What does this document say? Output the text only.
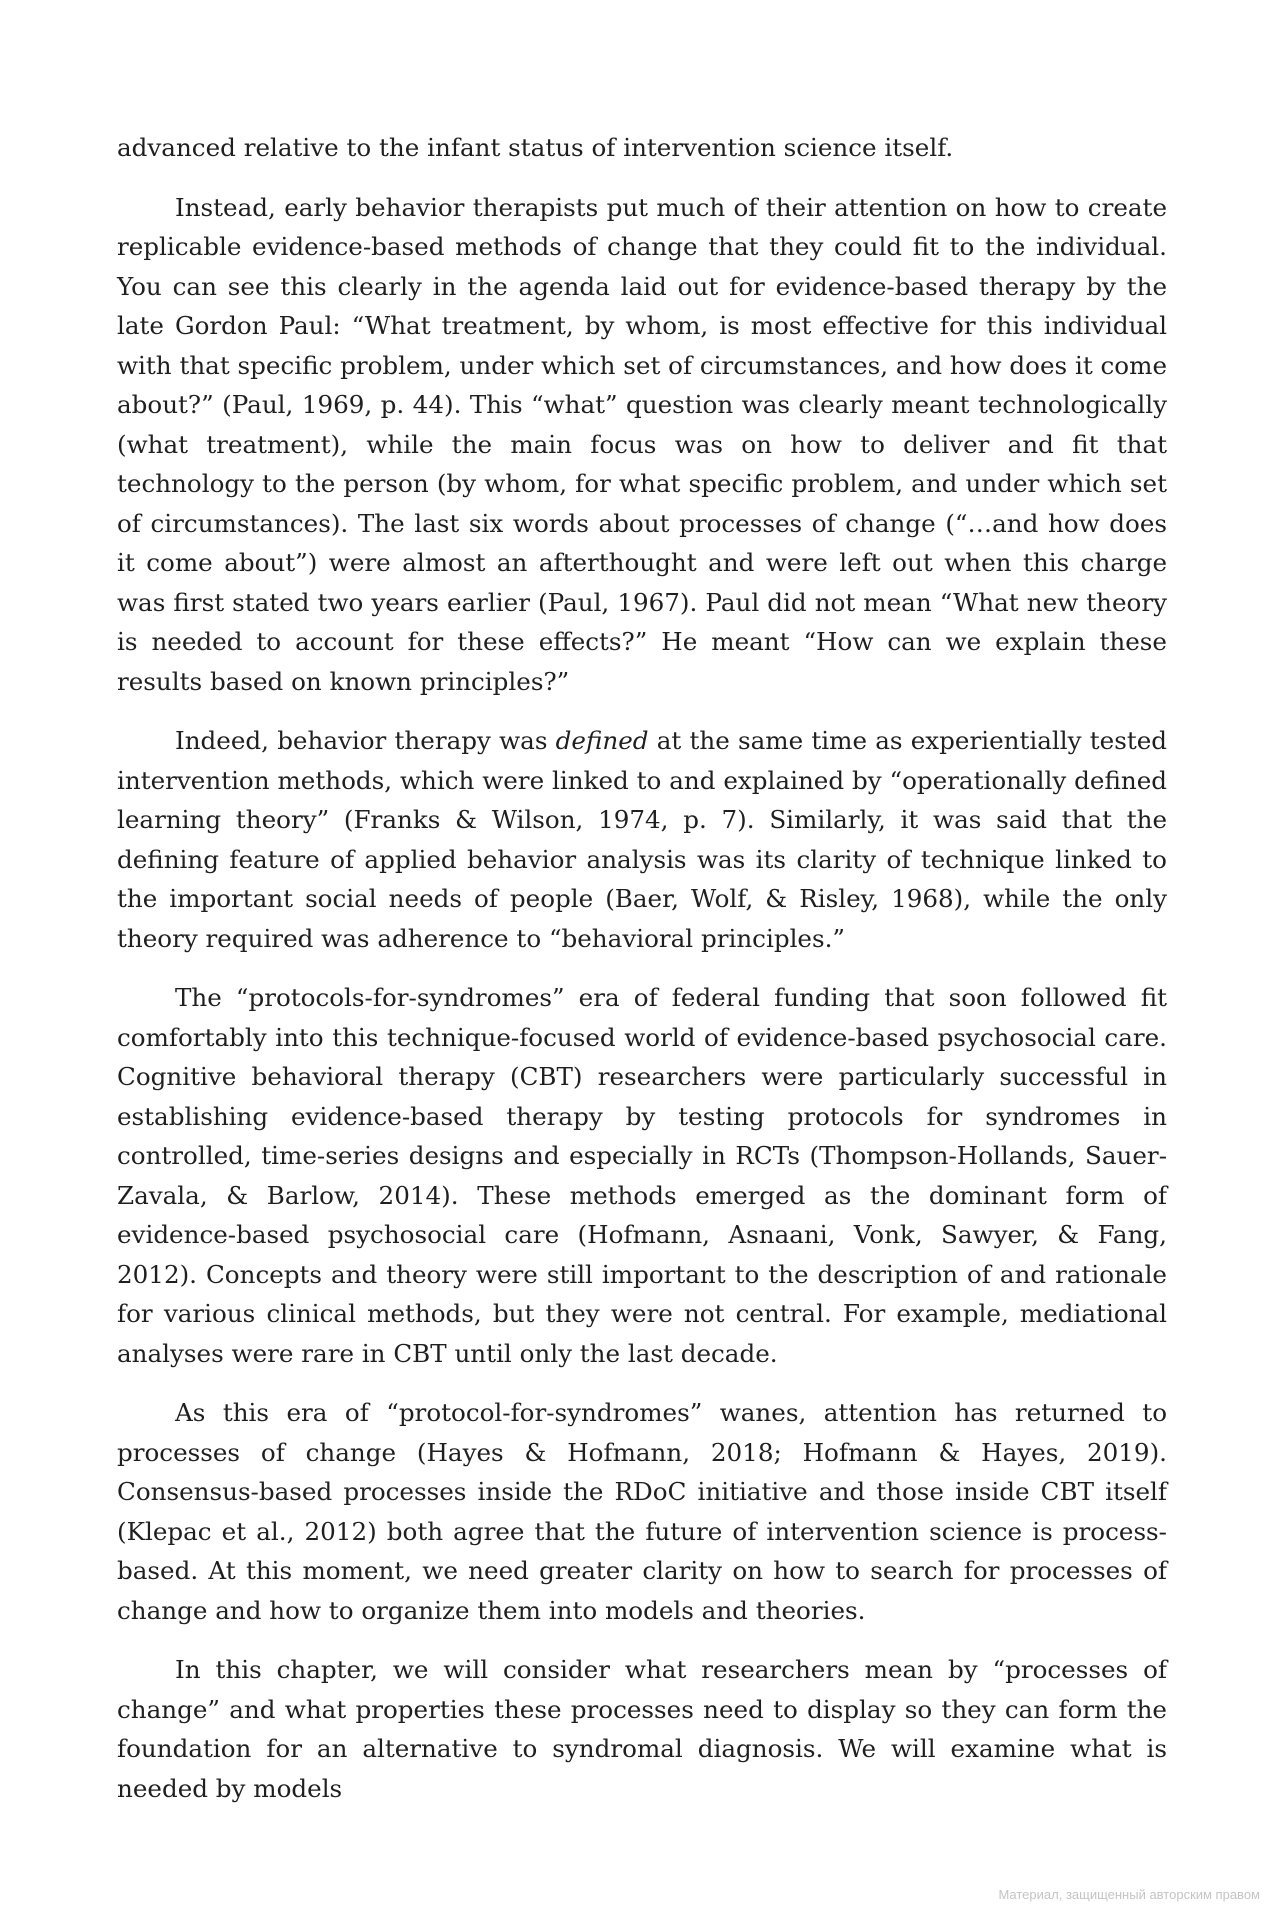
advanced relative to the infant status of intervention science itself.

Instead, early behavior therapists put much of their attention on how to create replicable evidence-based methods of change that they could fit to the individual. You can see this clearly in the agenda laid out for evidence-based therapy by the late Gordon Paul: “What treatment, by whom, is most effective for this individual with that specific problem, under which set of circumstances, and how does it come about?” (Paul, 1969, p. 44). This “what” question was clearly meant technologically (what treatment), while the main focus was on how to deliver and fit that technology to the person (by whom, for what specific problem, and under which set of circumstances). The last six words about processes of change (“…and how does it come about”) were almost an afterthought and were left out when this charge was first stated two years earlier (Paul, 1967). Paul did not mean “What new theory is needed to account for these effects?” He meant “How can we explain these results based on known principles?”

Indeed, behavior therapy was defined at the same time as experientially tested intervention methods, which were linked to and explained by “operationally defined learning theory” (Franks & Wilson, 1974, p. 7). Similarly, it was said that the defining feature of applied behavior analysis was its clarity of technique linked to the important social needs of people (Baer, Wolf, & Risley, 1968), while the only theory required was adherence to “behavioral principles.”

The “protocols-for-syndromes” era of federal funding that soon followed fit comfortably into this technique-focused world of evidence-based psychosocial care. Cognitive behavioral therapy (CBT) researchers were particularly successful in establishing evidence-based therapy by testing protocols for syndromes in controlled, time-series designs and especially in RCTs (Thompson-Hollands, Sauer-Zavala, & Barlow, 2014). These methods emerged as the dominant form of evidence-based psychosocial care (Hofmann, Asnaani, Vonk, Sawyer, & Fang, 2012). Concepts and theory were still important to the description of and rationale for various clinical methods, but they were not central. For example, mediational analyses were rare in CBT until only the last decade.

As this era of “protocol-for-syndromes” wanes, attention has returned to processes of change (Hayes & Hofmann, 2018; Hofmann & Hayes, 2019). Consensus-based processes inside the RDoC initiative and those inside CBT itself (Klepac et al., 2012) both agree that the future of intervention science is process-based. At this moment, we need greater clarity on how to search for processes of change and how to organize them into models and theories.

In this chapter, we will consider what researchers mean by “processes of change” and what properties these processes need to display so they can form the foundation for an alternative to syndromal diagnosis. We will examine what is needed by models

Материал, защищенный авторским правом
